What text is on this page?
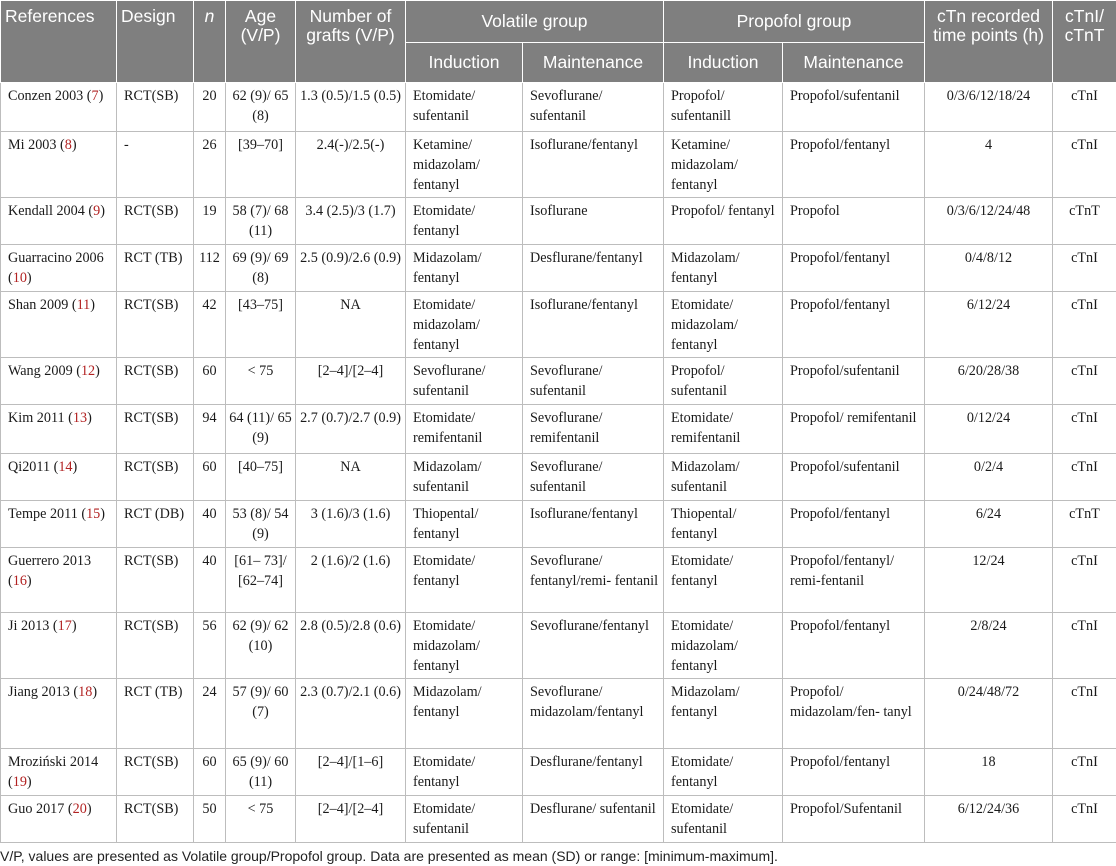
References	Design	n	Age (V/P)	Number of grafts (V/P)	Volatile group		Propofol group		cTn recorded time points (h)	cTnI/ cTnT
					Induction	Maintenance	Induction	Maintenance		
Conzen 2003 (7)	RCT(SB)	20	62 (9)/ 65 (8)	1.3 (0.5)/1.5 (0.5)	Etomidate/ sufentanil	Sevoflurane/ sufentanil	Propofol/ sufentanill	Propofol/sufentanil	0/3/6/12/18/24	cTnI
Mi 2003 (8)	-	26	[39–70]	2.4(-)/2.5(-)	Ketamine/ midazolam/ fentanyl	Isoflurane/fentanyl	Ketamine/ midazolam/ fentanyl	Propofol/fentanyl	4	cTnI
Kendall 2004 (9)	RCT(SB)	19	58 (7)/ 68 (11)	3.4 (2.5)/3 (1.7)	Etomidate/ fentanyl	Isoflurane	Propofol/ fentanyl	Propofol	0/3/6/12/24/48	cTnT
Guarracino 2006 (10)	RCT (TB)	112	69 (9)/ 69 (8)	2.5 (0.9)/2.6 (0.9)	Midazolam/ fentanyl	Desflurane/fentanyl	Midazolam/ fentanyl	Propofol/fentanyl	0/4/8/12	cTnI
Shan 2009 (11)	RCT(SB)	42	[43–75]	NA	Etomidate/ midazolam/ fentanyl	Isoflurane/fentanyl	Etomidate/ midazolam/ fentanyl	Propofol/fentanyl	6/12/24	cTnI
Wang 2009 (12)	RCT(SB)	60	< 75	[2–4]/[2–4]	Sevoflurane/ sufentanil	Sevoflurane/ sufentanil	Propofol/ sufentanil	Propofol/sufentanil	6/20/28/38	cTnI
Kim 2011 (13)	RCT(SB)	94	64 (11)/ 65 (9)	2.7 (0.7)/2.7 (0.9)	Etomidate/ remifentanil	Sevoflurane/ remifentanil	Etomidate/ remifentanil	Propofol/ remifentanil	0/12/24	cTnI
Qi2011 (14)	RCT(SB)	60	[40–75]	NA	Midazolam/ sufentanil	Sevoflurane/ sufentanil	Midazolam/ sufentanil	Propofol/sufentanil	0/2/4	cTnI
Tempe 2011 (15)	RCT (DB)	40	53 (8)/ 54 (9)	3 (1.6)/3 (1.6)	Thiopental/ fentanyl	Isoflurane/fentanyl	Thiopental/ fentanyl	Propofol/fentanyl	6/24	cTnT
Guerrero 2013 (16)	RCT(SB)	40	[61– 73]/ [62–74]	2 (1.6)/2 (1.6)	Etomidate/ fentanyl	Sevoflurane/ fentanyl/remi- fentanil	Etomidate/ fentanyl	Propofol/fentanyl/ remi-fentanil	12/24	cTnI
Ji 2013 (17)	RCT(SB)	56	62 (9)/ 62 (10)	2.8 (0.5)/2.8 (0.6)	Etomidate/ midazolam/ fentanyl	Sevoflurane/fentanyl	Etomidate/ midazolam/ fentanyl	Propofol/fentanyl	2/8/24	cTnI
Jiang 2013 (18)	RCT (TB)	24	57 (9)/ 60 (7)	2.3 (0.7)/2.1 (0.6)	Midazolam/ fentanyl	Sevoflurane/ midazolam/fentanyl	Midazolam/ fentanyl	Propofol/ midazolam/fen- tanyl	0/24/48/72	cTnI
Mroziński 2014 (19)	RCT(SB)	60	65 (9)/ 60 (11)	[2–4]/[1–6]	Etomidate/ fentanyl	Desflurane/fentanyl	Etomidate/ fentanyl	Propofol/fentanyl	18	cTnI
Guo 2017 (20)	RCT(SB)	50	< 75	[2–4]/[2–4]	Etomidate/ sufentanil	Desflurane/ sufentanil	Etomidate/ sufentanil	Propofol/Sufentanil	6/12/24/36	cTnI
V/P, values are presented as Volatile group/Propofol group. Data are presented as mean (SD) or range: [minimum-maximum].
